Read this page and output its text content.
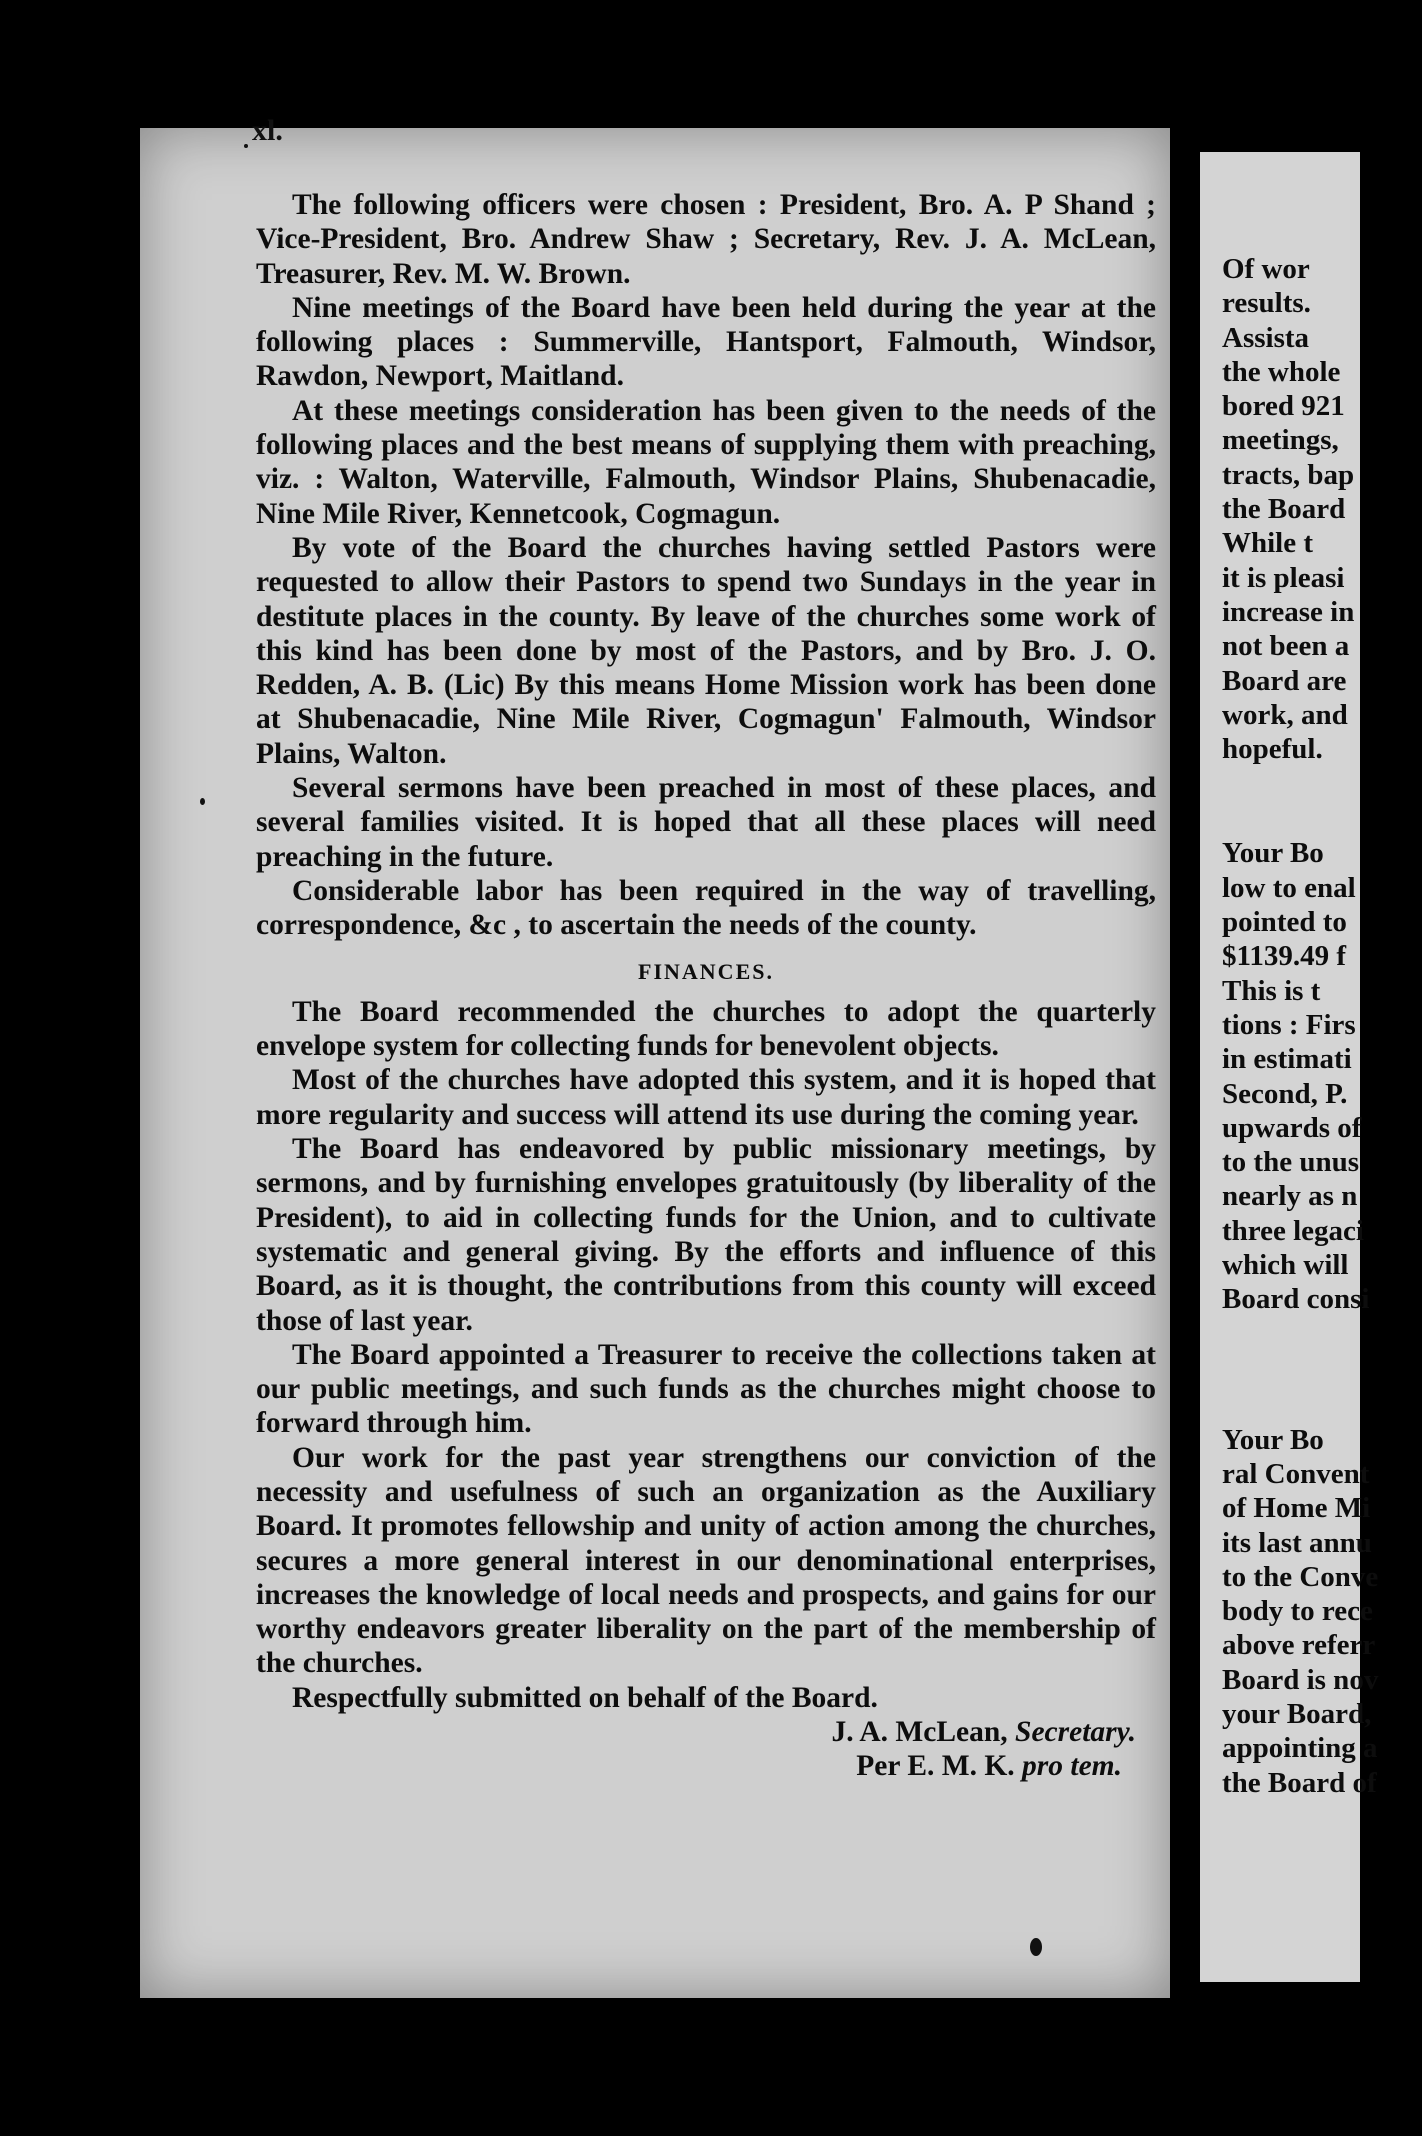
xl.

The following officers were chosen : President, Bro. A. P Shand ; Vice-President, Bro. Andrew Shaw ; Secretary, Rev. J. A. McLean, Treasurer, Rev. M. W. Brown.

Nine meetings of the Board have been held during the year at the following places : Summerville, Hantsport, Falmouth, Windsor, Rawdon, Newport, Maitland.

At these meetings consideration has been given to the needs of the following places and the best means of supplying them with preaching, viz. : Walton, Waterville, Falmouth, Windsor Plains, Shubenacadie, Nine Mile River, Kennetcook, Cogmagun.

By vote of the Board the churches having settled Pastors were requested to allow their Pastors to spend two Sundays in the year in destitute places in the county. By leave of the churches some work of this kind has been done by most of the Pastors, and by Bro. J. O. Redden, A. B. (Lic) By this means Home Mission work has been done at Shubenacadie, Nine Mile River, Cogmagun' Falmouth, Windsor Plains, Walton.

Several sermons have been preached in most of these places, and several families visited. It is hoped that all these places will need preaching in the future.

Considerable labor has been required in the way of travelling, correspondence, &c , to ascertain the needs of the county.

FINANCES.

The Board recommended the churches to adopt the quarterly envelope system for collecting funds for benevolent objects.

Most of the churches have adopted this system, and it is hoped that more regularity and success will attend its use during the coming year.

The Board has endeavored by public missionary meetings, by sermons, and by furnishing envelopes gratuitously (by liberality of the President), to aid in collecting funds for the Union, and to cultivate systematic and general giving. By the efforts and influence of this Board, as it is thought, the contributions from this county will exceed those of last year.

The Board appointed a Treasurer to receive the collections taken at our public meetings, and such funds as the churches might choose to forward through him.

Our work for the past year strengthens our conviction of the necessity and usefulness of such an organization as the Auxiliary Board. It promotes fellowship and unity of action among the churches, secures a more general interest in our denominational enterprises, increases the knowledge of local needs and prospects, and gains for our worthy endeavors greater liberality on the part of the membership of the churches.

Respectfully submitted on behalf of the Board.

J. A. McLean, Secretary.

Per E. M. K. pro tem.

Of wor
results.
Assista
the whole
bored 921
meetings,
tracts, bap
the Board
While t
it is pleasi
increase in
not been a
Board are
work, and
hopeful.
Your Bo
low to enal
pointed to
$1139.49 f
This is t
tions : Firs
in estimati
Second, P.
upwards of
to the unus
nearly as n
three legaci
which will
Board consi
Your Bo
ral Convent
of Home Mi
its last annu
to the Conve
body to rece
above referr
Board is nov
your Board,
appointing a
the Board of
